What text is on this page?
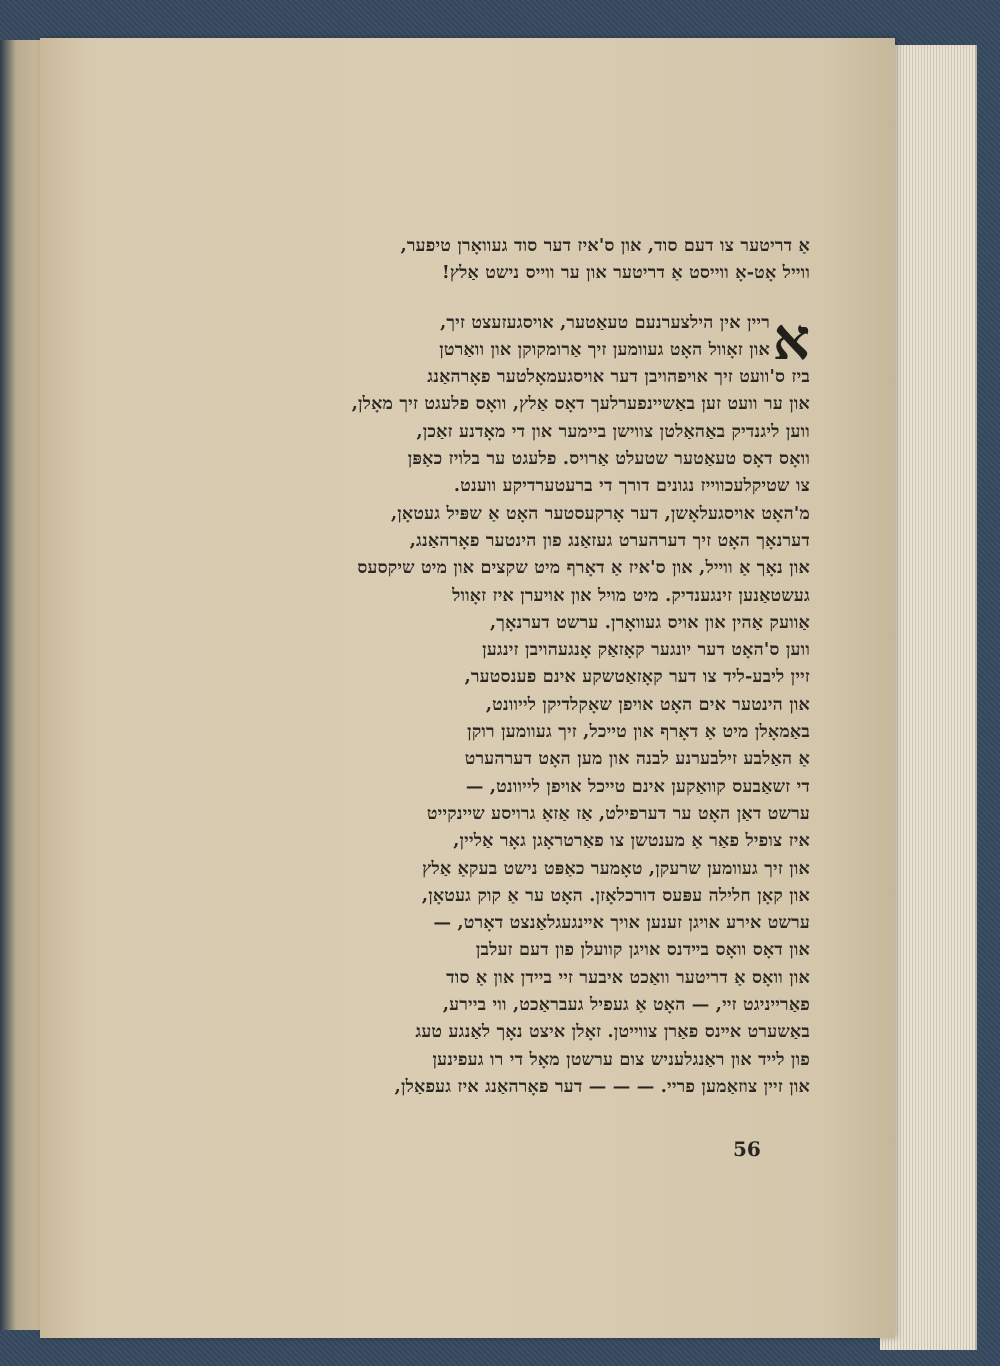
אַ דריטער צו דעם סוד, און ס'איז דער סוד געוואָרן טיפער,
ווייל אָט-אָ ווייסט אַ דריטער און ער ווייס נישט אַלץ!
א
ריין אין הילצערנעם טעאַטער, אויסגעזעצט זיך,
און זאָוול האָט געוומען זיך אַרומקוקן און וואַרטן
ביז ס'וועט זיך אויפהויבן דער אויסגעמאָלטער פאָרהאַנג
און ער וועט זען באַשיינפערלעך דאָס אַלץ, וואָס פלעגט זיך מאָלן,
ווען ליגנדיק באַהאַלטן צווישן ביימער און די מאָדנע זאַכן,
וואָס דאָס טעאַטער שטעלט אַרויס. פלעגט ער בלויז כאַפּן
צו שטיקלעכווייז נגונים דורך די ברעטערדיקע ווענט.
מ'האָט אויסגעלאָשן, דער אָרקעסטער האָט אַ שפּיל געטאָן,
דערנאָך האָט זיך דערהערט געזאַנג פון הינטער פאָרהאַנג,
און נאָך אַ ווייל, און ס'איז אַ דאָרף מיט שקצים און מיט שיקסעס
געשטאַנען זינגענדיק. מיט מויל און אויערן איז זאָוול
אַוועק אַהין און אויס געוואָרן. ערשט דערנאָך,
ווען ס'האָט דער יונגער קאָזאַק אָנגעהויבן זינגען
זיין ליבע-ליד צו דער קאָזאַטשקע אינם פענסטער,
און הינטער אים האָט אויפן שאָקלדיקן לייוונט,
באַמאָלן מיט אַ דאָרף און טייכל, זיך געוומען רוקן
אַ האַלבע זילבערנע לבנה און מען האָט דערהערט
די זשאַבעס קוואַקען אינם טייכל אויפן לייוונט, —
ערשט דאַן האָט ער דערפילט, אַז אַזאַ גרויסע שיינקייט
איז צופיל פאַר אַ מענטשן צו פאַרטראָגן גאָר אַליין,
און זיך געוומען שרעקן, טאָמער כאַפּט נישט בעקאַ אַלץ
און קאָן חלילה עפּעס דורכלאָזן. האָט ער אַ קוק געטאָן,
ערשט אירע אויגן זענען אויך אײנגעגלאַנצט דאָרט, —
און דאָס וואָס בײדנס אויגן קוועלן פון דעם זעלבן
און וואָס אַ דריטער וואַכט איבער זיי ביידן און אַ סוד
פאַרייניגט זיי, — האָט אַ געפיל געבראַכט, ווי ביירע,
באַשערט אײנס פאַרן צווייטן. זאָלן איצט נאָך לאַנגע טעג
פון לייד און ראַנגלעניש צום ערשטן מאָל די רו געפינען
און זיין צוזאַמען פריי. — — — דער פאָרהאַנג איז געפאַלן,
56
